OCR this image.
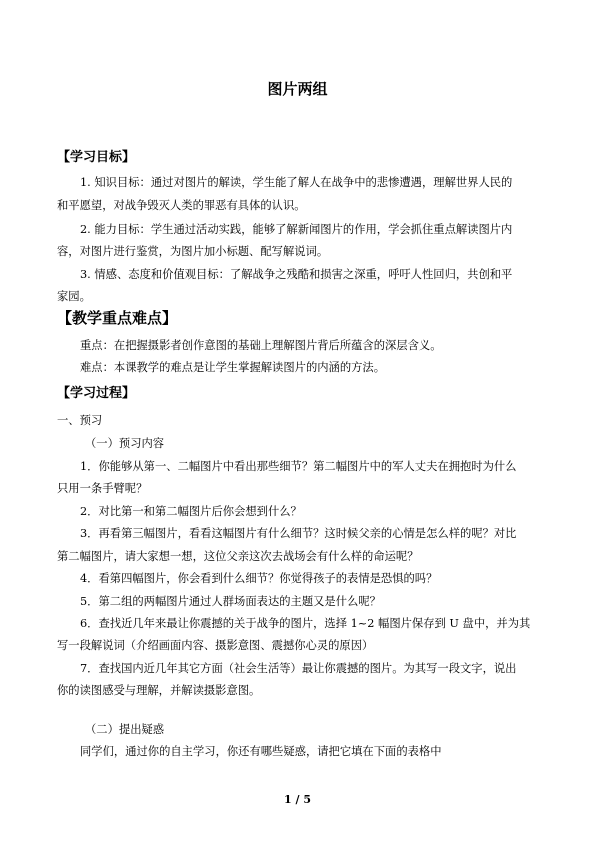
图片两组
【学习目标】
1. 知识目标：通过对图片的解读，学生能了解人在战争中的悲惨遭遇，理解世界人民的
和平愿望，对战争毁灭人类的罪恶有具体的认识。
2. 能力目标：学生通过活动实践，能够了解新闻图片的作用，学会抓住重点解读图片内
容，对图片进行鉴赏，为图片加小标题、配写解说词。
3. 情感、态度和价值观目标：了解战争之残酷和损害之深重，呼吁人性回归，共创和平
家园。
【教学重点难点】
重点：在把握摄影者创作意图的基础上理解图片背后所蕴含的深层含义。
难点：本课教学的难点是让学生掌握解读图片的内涵的方法。
【学习过程】
一、预习
（一）预习内容
1．你能够从第一、二幅图片中看出那些细节？第二幅图片中的军人丈夫在拥抱时为什么
只用一条手臂呢？
2．对比第一和第二幅图片后你会想到什么？
3．再看第三幅图片，看看这幅图片有什么细节？这时候父亲的心情是怎么样的呢？对比
第二幅图片，请大家想一想，这位父亲这次去战场会有什么样的命运呢？
4．看第四幅图片，你会看到什么细节？你觉得孩子的表情是恐惧的吗？
5．第二组的两幅图片通过人群场面表达的主题又是什么呢？
6．查找近几年来最让你震撼的关于战争的图片，选择 1~2 幅图片保存到 U 盘中，并为其
写一段解说词（介绍画面内容、摄影意图、震撼你心灵的原因）
7．查找国内近几年其它方面（社会生活等）最让你震撼的图片。为其写一段文字，说出
你的读图感受与理解，并解读摄影意图。
（二）提出疑惑
同学们，通过你的自主学习，你还有哪些疑惑，请把它填在下面的表格中
1 / 5
